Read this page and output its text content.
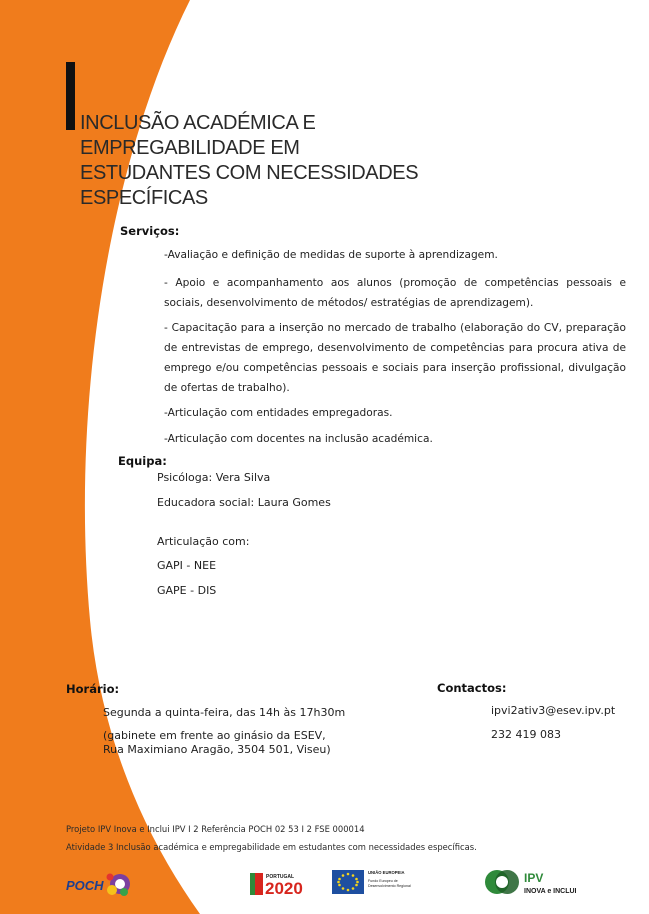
INCLUSÃO ACADÉMICA E EMPREGABILIDADE EM
ESTUDANTES COM NECESSIDADES ESPECÍFICAS
Serviços:
-Avaliação e definição de medidas de suporte à aprendizagem.
- Apoio e acompanhamento aos alunos (promoção de competências pessoais e sociais, desenvolvimento de métodos/ estratégias de aprendizagem).
- Capacitação para a inserção no mercado de trabalho (elaboração do CV, preparação de entrevistas de emprego, desenvolvimento de competências para procura ativa de emprego e/ou competências pessoais e sociais para inserção profissional, divulgação de ofertas de trabalho).
-Articulação com entidades empregadoras.
-Articulação com docentes na inclusão académica.
Equipa:
Psicóloga: Vera Silva
Educadora social: Laura Gomes
Articulação com:
GAPI - NEE
GAPE - DIS
Horário:
Segunda a quinta-feira, das 14h às 17h30m
(gabinete em frente ao ginásio da ESEV,
Rua Maximiano Aragão, 3504 501, Viseu)
Contactos:
ipvi2ativ3@esev.ipv.pt
232 419 083
Projeto IPV Inova e Inclui IPV I 2 Referência POCH 02 53 I 2 FSE 000014
Atividade 3 Inclusão académica e empregabilidade em estudantes com necessidades específicas.
POCH
PORTUGAL
2020
UNIÃO EUROPEIA
Fundo Europeu de
Desenvolvimento Regional
IPV
INOVA e INCLUI
